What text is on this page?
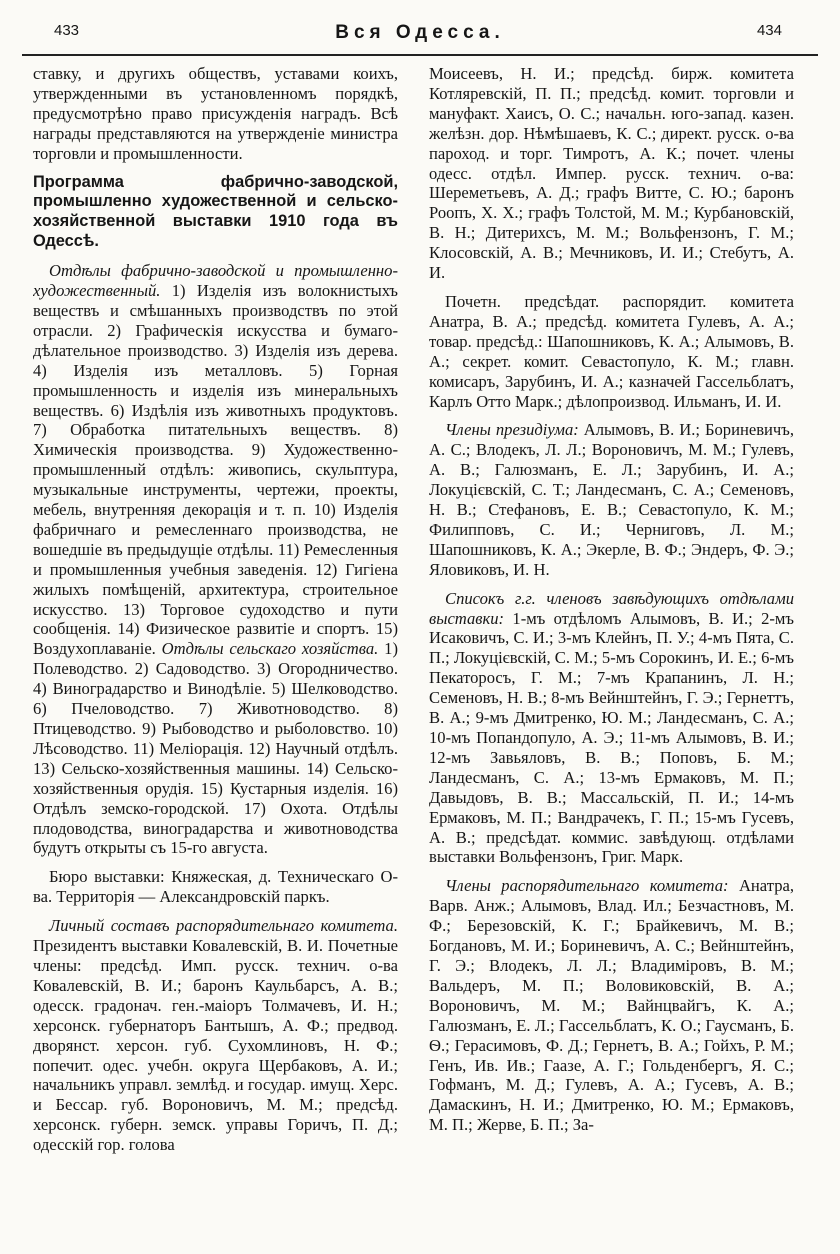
433	Вся Одесса.	434

ставку, и другихъ обществъ, уставами коихъ, утвержденными въ установленномъ порядкѣ, предусмотрѣно право присужденія наградъ. Всѣ награды представляются на утвержденіе министра торговли и промышленности.

Программа фабрично-заводской, промышленно художественной и сельско-хозяйственной выставки 1910 года въ Одессѣ.

Отдѣлы фабрично-заводской и промышленно-художественный. 1) Изделія изъ волокнистыхъ веществъ и смѣшанныхъ производствъ по этой отрасли. 2) Графическія искусства и бумаго-дѣлательное производство. 3) Изделія изъ дерева. 4) Изделія изъ металловъ. 5) Горная промышленность и изделія изъ минеральныхъ веществъ. 6) Издѣлія изъ животныхъ продуктовъ. 7) Обработка питательныхъ веществъ. 8) Химическія производства. 9) Художественно-промышленный отдѣлъ: живопись, скульптура, музыкальные инструменты, чертежи, проекты, мебель, внутренняя декорація и т. п. 10) Изделія фабричнаго и ремесленнаго производства, не вошедшіе въ предыдущіе отдѣлы. 11) Ремесленныя и промышленныя учебныя заведенія. 12) Гигіена жилыхъ помѣщеній, архитектура, строительное искусство. 13) Торговое судоходство и пути сообщенія. 14) Физическое развитіе и спортъ. 15) Воздухоплаваніе. Отдѣлы сельскаго хозяйства. 1) Полеводство. 2) Садоводство. 3) Огородничество. 4) Виноградарство и Винодѣліе. 5) Шелководство. 6) Пчеловодство. 7) Животноводство. 8) Птицеводство. 9) Рыбоводство и рыболовство. 10) Лѣсоводство. 11) Меліорація. 12) Научный отдѣлъ. 13) Сельско-хозяйственныя машины. 14) Сельско-хозяйственныя орудія. 15) Кустарныя изделія. 16) Отдѣлъ земско-городской. 17) Охота. Отдѣлы плодоводства, виноградарства и животноводства будутъ открыты съ 15-го августа.

Бюро выставки: Княжеская, д. Техническаго О-ва. Территорія — Александровскій паркъ.

Личный составъ распорядительнаго комитета. Президентъ выставки Ковалевскій, В. И. Почетные члены: предсѣд. Имп. русск. технич. о-ва Ковалевскій, В. И.; баронъ Каульбарсъ, А. В.; одесск. градонач. ген.-маіоръ Толмачевъ, И. Н.; херсонск. губернаторъ Бантышъ, А. Ф.; предвод. дворянст. херсон. губ. Сухомлиновъ, Н. Ф.; попечит. одес. учебн. округа Щербаковъ, А. И.; начальникъ управл. землѣд. и государ. имущ. Херс. и Бессар. губ. Вороновичъ, М. М.; предсѣд. херсонск. губерн. земск. управы Горичъ, П. Д.; одесскій гор. голова

Моисеевъ, Н. И.; предсѣд. бирж. комитета Котляревскій, П. П.; предсѣд. комит. торговли и мануфакт. Хаисъ, О. С.; начальн. юго-запад. казен. желѣзн. дор. Нѣмѣшаевъ, К. С.; директ. русск. о-ва пароход. и торг. Тимротъ, А. К.; почет. члены одесс. отдѣл. Импер. русск. технич. о-ва: Шереметьевъ, А. Д.; графъ Витте, С. Ю.; баронъ Роопъ, Х. Х.; графъ Толстой, М. М.; Курбановскій, В. Н.; Дитерихсъ, М. М.; Вольфензонъ, Г. М.; Клосовскій, А. В.; Мечниковъ, И. И.; Стебутъ, А. И.

Почетн. предсѣдат. распорядит. комитета Анатра, В. А.; предсѣд. комитета Гулевъ, А. А.; товар. предсѣд.: Шапошниковъ, К. А.; Алымовъ, В. А.; секрет. комит. Севастопуло, К. М.; главн. комисаръ, Зарубинъ, И. А.; казначей Гассельблатъ, Карлъ Отто Марк.; дѣлопроизвод. Ильманъ, И. И.

Члены президіума: Алымовъ, В. И.; Бориневичъ, А. С.; Влодекъ, Л. Л.; Вороновичъ, М. М.; Гулевъ, А. В.; Галюзманъ, Е. Л.; Зарубинъ, И. А.; Локуцієвскій, С. Т.; Ландесманъ, С. А.; Семеновъ, Н. В.; Стефановъ, Е. В.; Севастопуло, К. М.; Филипповъ, С. И.; Черниговъ, Л. М.; Шапошниковъ, К. А.; Экерле, В. Ф.; Эндеръ, Ф. Э.; Яловиковъ, И. Н.

Списокъ г.г. членовъ завѣдующихъ отдѣлами выставки: 1-мъ отдѣломъ Алымовъ, В. И.; 2-мъ Исаковичъ, С. И.; 3-мъ Клейнъ, П. У.; 4-мъ Пята, С. П.; Локуцієвскій, С. М.; 5-мъ Сорокинъ, И. Е.; 6-мъ Пекаторосъ, Г. М.; 7-мъ Крапанинъ, Л. Н.; Семеновъ, Н. В.; 8-мъ Вейнштейнъ, Г. Э.; Гернеттъ, В. А.; 9-мъ Дмитренко, Ю. М.; Ландесманъ, С. А.; 10-мъ Попандопуло, А. Э.; 11-мъ Алымовъ, В. И.; 12-мъ Завьяловъ, В. В.; Поповъ, Б. М.; Ландесманъ, С. А.; 13-мъ Ермаковъ, М. П.; Давыдовъ, В. В.; Массальскій, П. И.; 14-мъ Ермаковъ, М. П.; Вандрачекъ, Г. П.; 15-мъ Гусевъ, А. В.; предсѣдат. коммис. завѣдующ. отдѣлами выставки Вольфензонъ, Григ. Марк.

Члены распорядительнаго комитета: Анатра, Варв. Анж.; Алымовъ, Влад. Ил.; Безчастновъ, М. Ф.; Березовскій, К. Г.; Брайкевичъ, М. В.; Богдановъ, М. И.; Бориневичъ, А. С.; Вейнштейнъ, Г. Э.; Влодекъ, Л. Л.; Владиміровъ, В. М.; Вальдеръ, М. П.; Воловиковскій, В. А.; Вороновичъ, М. М.; Вайнцвайгъ, К. А.; Галюзманъ, Е. Л.; Гассельблатъ, К. О.; Гаусманъ, Б. Ѳ.; Герасимовъ, Ф. Д.; Гернетъ, В. А.; Гойхъ, Р. М.; Генъ, Ив. Ив.; Гаазе, А. Г.; Гольденбергъ, Я. С.; Гофманъ, М. Д.; Гулевъ, А. А.; Гусевъ, А. В.; Дамаскинъ, Н. И.; Дмитренко, Ю. М.; Ермаковъ, М. П.; Жерве, Б. П.; За-
